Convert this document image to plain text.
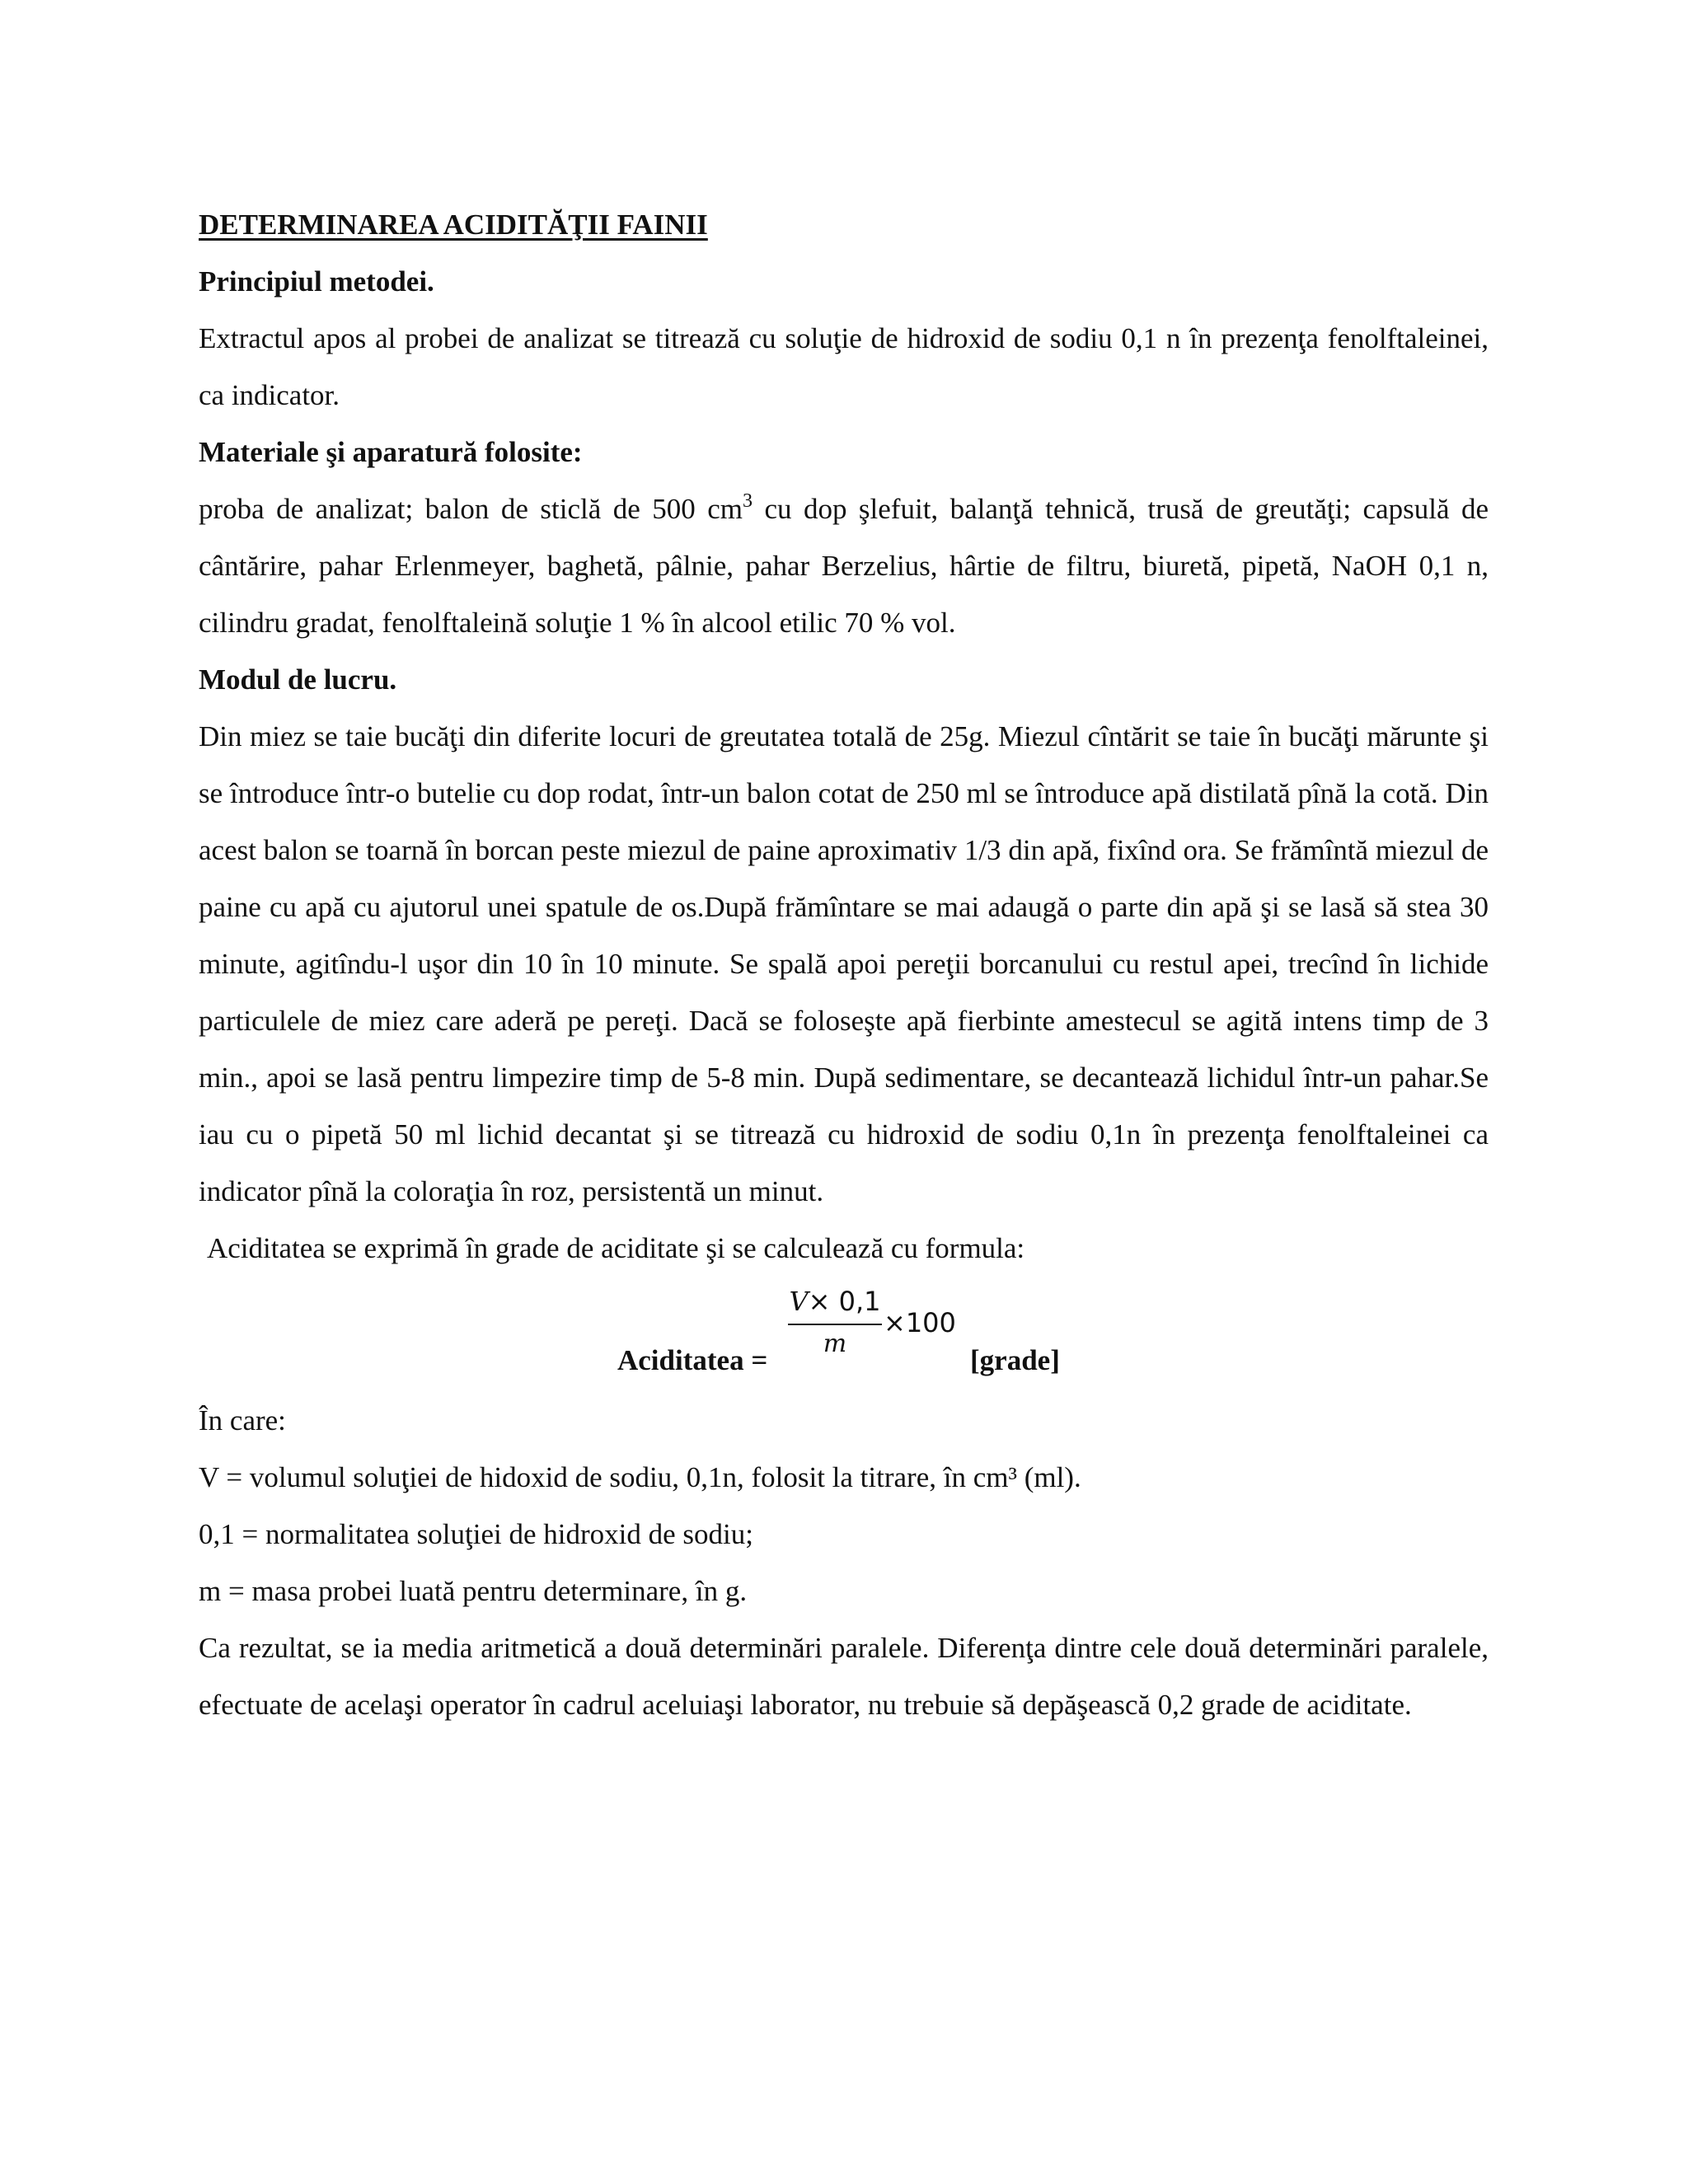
DETERMINAREA ACIDITĂŢII FAINII

Principiul metodei.

Extractul apos al probei de analizat se titrează cu soluţie de hidroxid de sodiu 0,1 n în prezenţa fenolftaleinei, ca indicator.

Materiale şi aparatură folosite:

proba de analizat; balon de sticlă de 500 $cm^3$ cu dop şlefuit, balanţă tehnică, trusă de greutăţi; capsulă de cântărire, pahar Erlenmeyer, baghetă, pâlnie, pahar Berzelius, hârtie de filtru, biuretă, pipetă, NaOH 0,1 n, cilindru gradat, fenolftaleină soluţie 1 % în alcool etilic 70 % vol.

Modul de lucru.

Din miez se taie bucăţi din diferite locuri de greutatea totală de 25g. Miezul cîntărit se taie în bucăţi mărunte şi se întroduce într-o butelie cu dop rodat, într-un balon cotat de 250 ml se întroduce apă distilată pînă la cotă. Din acest balon se toarnă în borcan peste miezul de paine aproximativ 1/3 din apă, fixînd ora. Se frămîntă miezul de paine cu apă cu ajutorul unei spatule de os.După frămîntare se mai adaugă o parte din apă şi se lasă să stea 30 minute, agitîndu-l uşor din 10 în 10 minute. Se spală apoi pereţii borcanului cu restul apei, trecînd în lichide particulele de miez care aderă pe pereţi. Dacă se foloseşte apă fierbinte amestecul se agită intens timp de 3 min., apoi se lasă pentru limpezire timp de 5-8 min. După sedimentare, se decantează lichidul într-un pahar.Se iau cu o pipetă 50 ml lichid decantat şi se titrează cu hidroxid de sodiu 0,1n în prezenţa fenolftaleinei ca indicator pînă la coloraţia în roz, persistentă un minut.

Aciditatea se exprimă în grade de aciditate şi se calculează cu formula:

Aciditatea =
V× 0,1
m
×100
[grade]

În care:

V = volumul soluţiei de hidoxid de sodiu, 0,1n, folosit la titrare, în cm³ (ml).

0,1 = normalitatea soluţiei de hidroxid de sodiu;

m = masa probei luată pentru determinare, în g.

Ca rezultat, se ia media aritmetică a două determinări paralele. Diferenţa dintre cele două determinări paralele, efectuate de acelaşi operator în cadrul aceluiaşi laborator, nu trebuie să depăşească 0,2 grade de aciditate.
